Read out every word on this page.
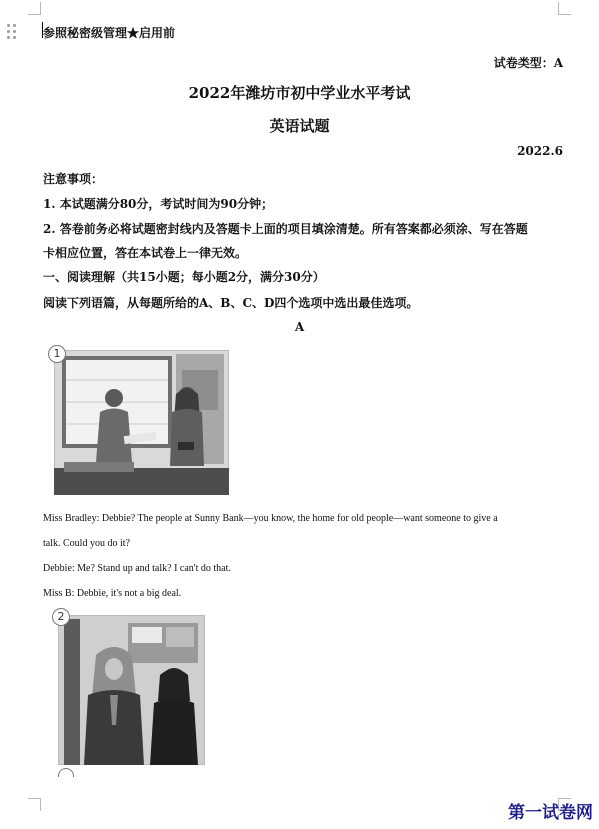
参照秘密级管理★启用前
试卷类型：A
2022年潍坊市初中学业水平考试
英语试题
2022.6
注意事项：
1. 本试题满分80分，考试时间为90分钟；
2. 答卷前务必将试题密封线内及答题卡上面的项目填涂清楚。所有答案都必须涂、写在答题
卡相应位置，答在本试卷上一律无效。
一、阅读理解（共15小题；每小题2分，满分30分）
阅读下列语篇，从每题所给的A、B、C、D四个选项中选出最佳选项。
A
1
Miss Bradley: Debbie? The people at Sunny Bank—you know, the home for old people—want someone to give a
talk. Could you do it?
Debbie: Me? Stand up and talk? I can't do that.
Miss B: Debbie, it's not a big deal.
2
第一试卷网
